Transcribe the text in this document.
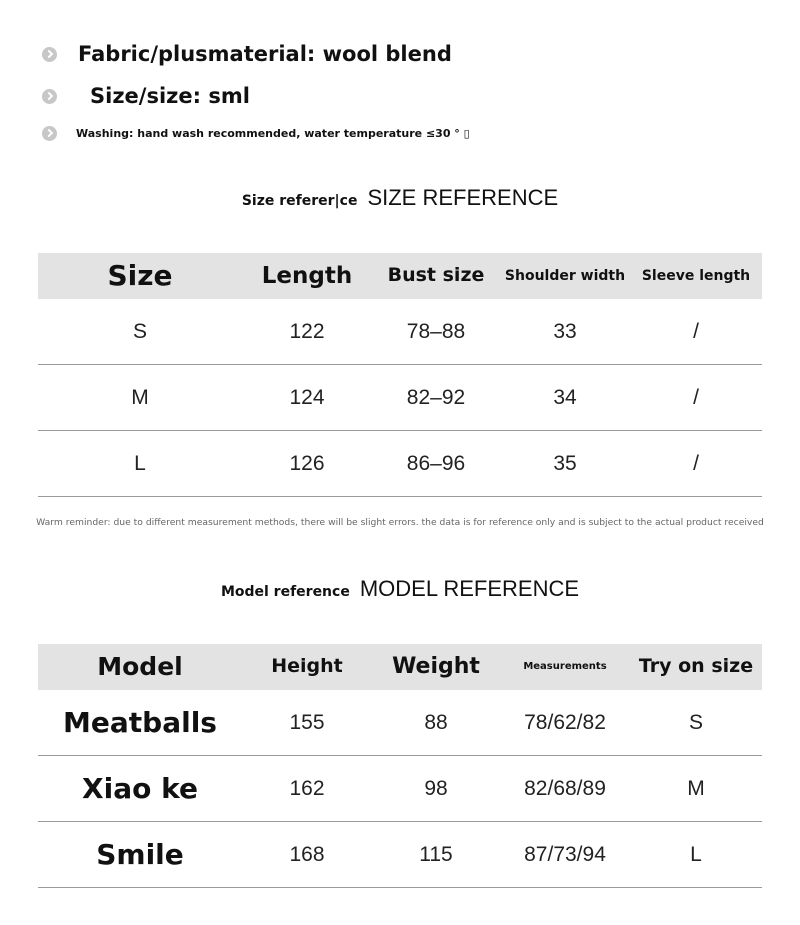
Fabric/plusmaterial: wool blend
Size/size: sml
Washing: hand wash recommended, water temperature ≤30 ° ▯
Size referer|ce SIZE REFERENCE
Size	Length	Bust size	Shoulder width	Sleeve length
S	122	78–88	33	/
M	124	82–92	34	/
L	126	86–96	35	/
Warm reminder: due to different measurement methods, there will be slight errors. the data is for reference only and is subject to the actual product received
Model reference MODEL REFERENCE
Model	Height	Weight	Measurements	Try on size
Meatballs	155	88	78/62/82	S
Xiao ke	162	98	82/68/89	M
Smile	168	115	87/73/94	L
